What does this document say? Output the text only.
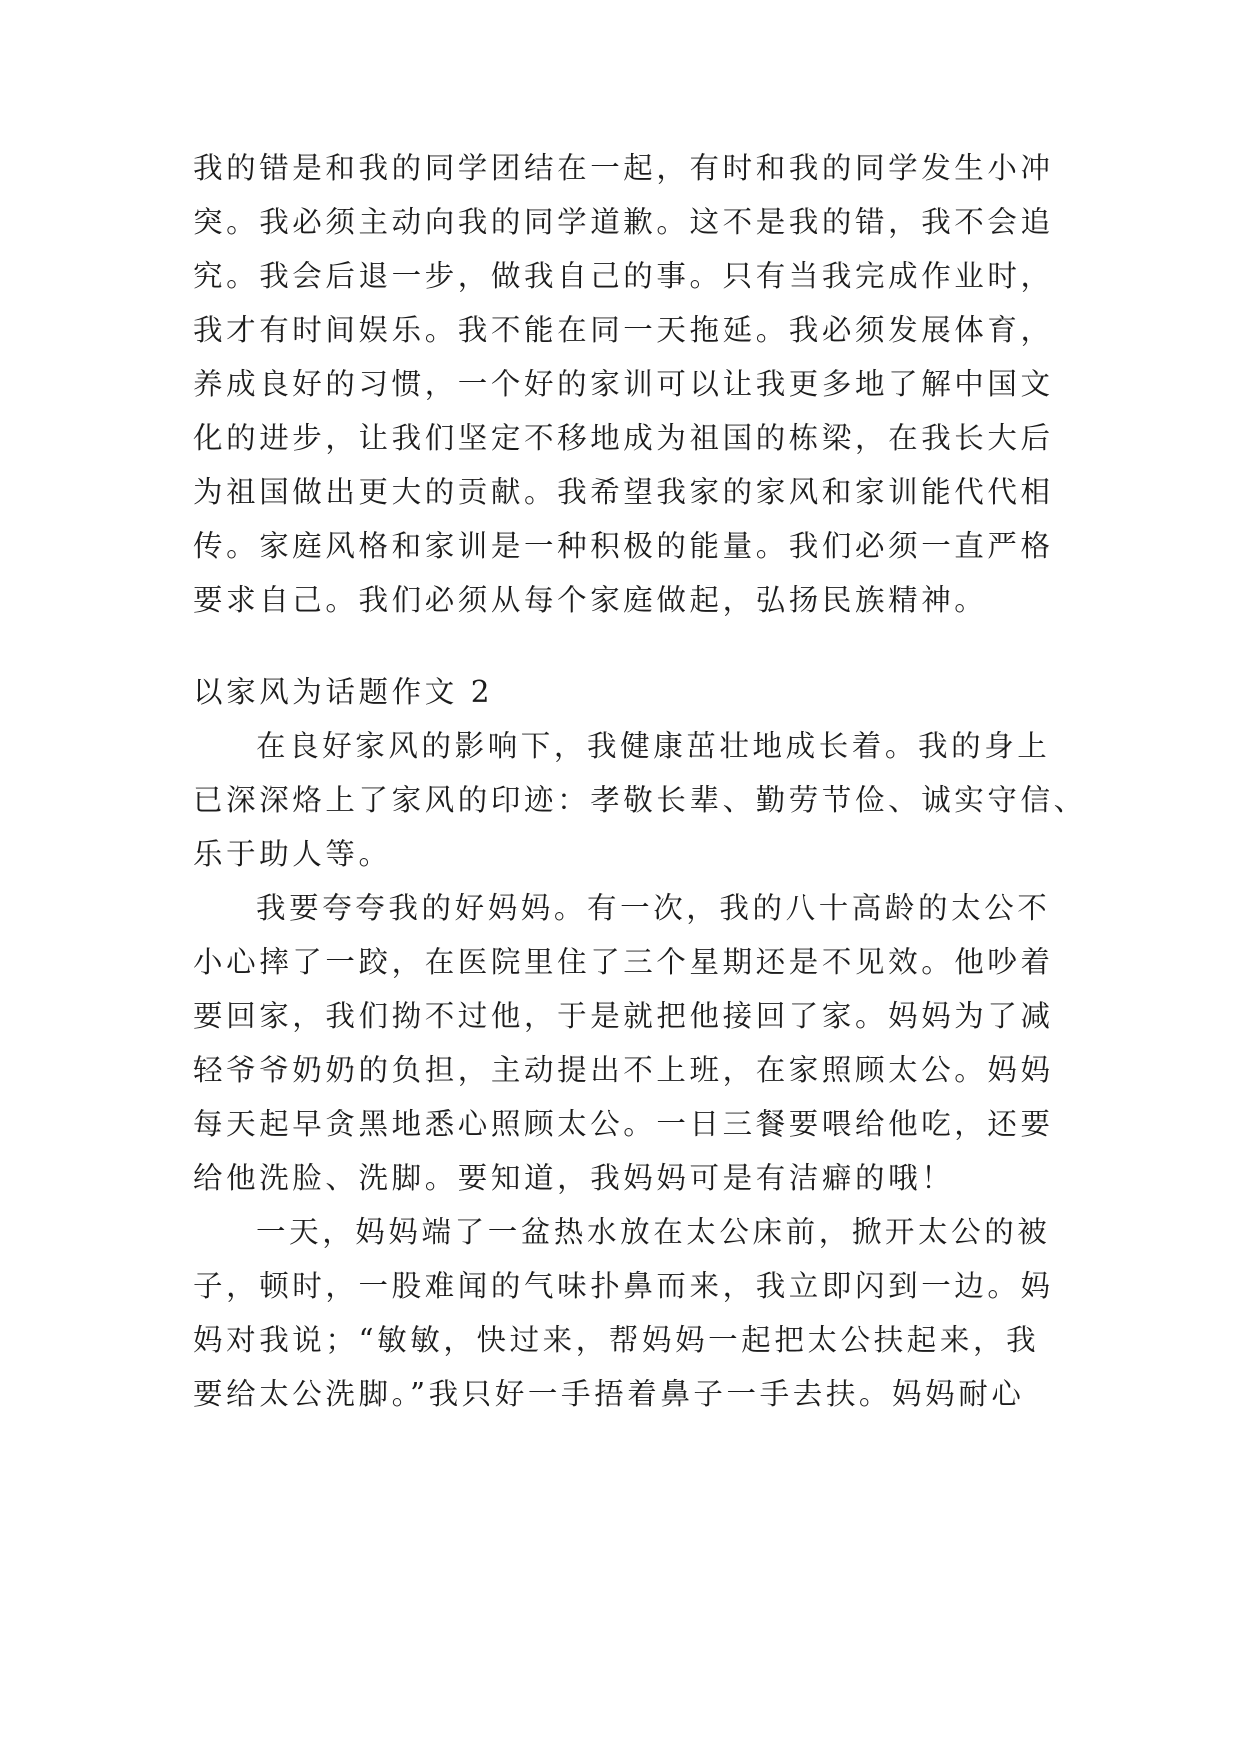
我的错是和我的同学团结在一起，有时和我的同学发生小冲
突。我必须主动向我的同学道歉。这不是我的错，我不会追
究。我会后退一步，做我自己的事。只有当我完成作业时，
我才有时间娱乐。我不能在同一天拖延。我必须发展体育，
养成良好的习惯，一个好的家训可以让我更多地了解中国文
化的进步，让我们坚定不移地成为祖国的栋梁，在我长大后
为祖国做出更大的贡献。我希望我家的家风和家训能代代相
传。家庭风格和家训是一种积极的能量。我们必须一直严格
要求自己。我们必须从每个家庭做起，弘扬民族精神。
以家风为话题作文 2
在良好家风的影响下，我健康茁壮地成长着。我的身上
已深深烙上了家风的印迹：孝敬长辈、勤劳节俭、诚实守信、
乐于助人等。
我要夸夸我的好妈妈。有一次，我的八十高龄的太公不
小心摔了一跤，在医院里住了三个星期还是不见效。他吵着
要回家，我们拗不过他，于是就把他接回了家。妈妈为了减
轻爷爷奶奶的负担，主动提出不上班，在家照顾太公。妈妈
每天起早贪黑地悉心照顾太公。一日三餐要喂给他吃，还要
给他洗脸、洗脚。要知道，我妈妈可是有洁癖的哦！
一天，妈妈端了一盆热水放在太公床前，掀开太公的被
子，顿时，一股难闻的气味扑鼻而来，我立即闪到一边。妈
妈对我说；“敏敏，快过来，帮妈妈一起把太公扶起来，我
要给太公洗脚。”我只好一手捂着鼻子一手去扶。妈妈耐心
